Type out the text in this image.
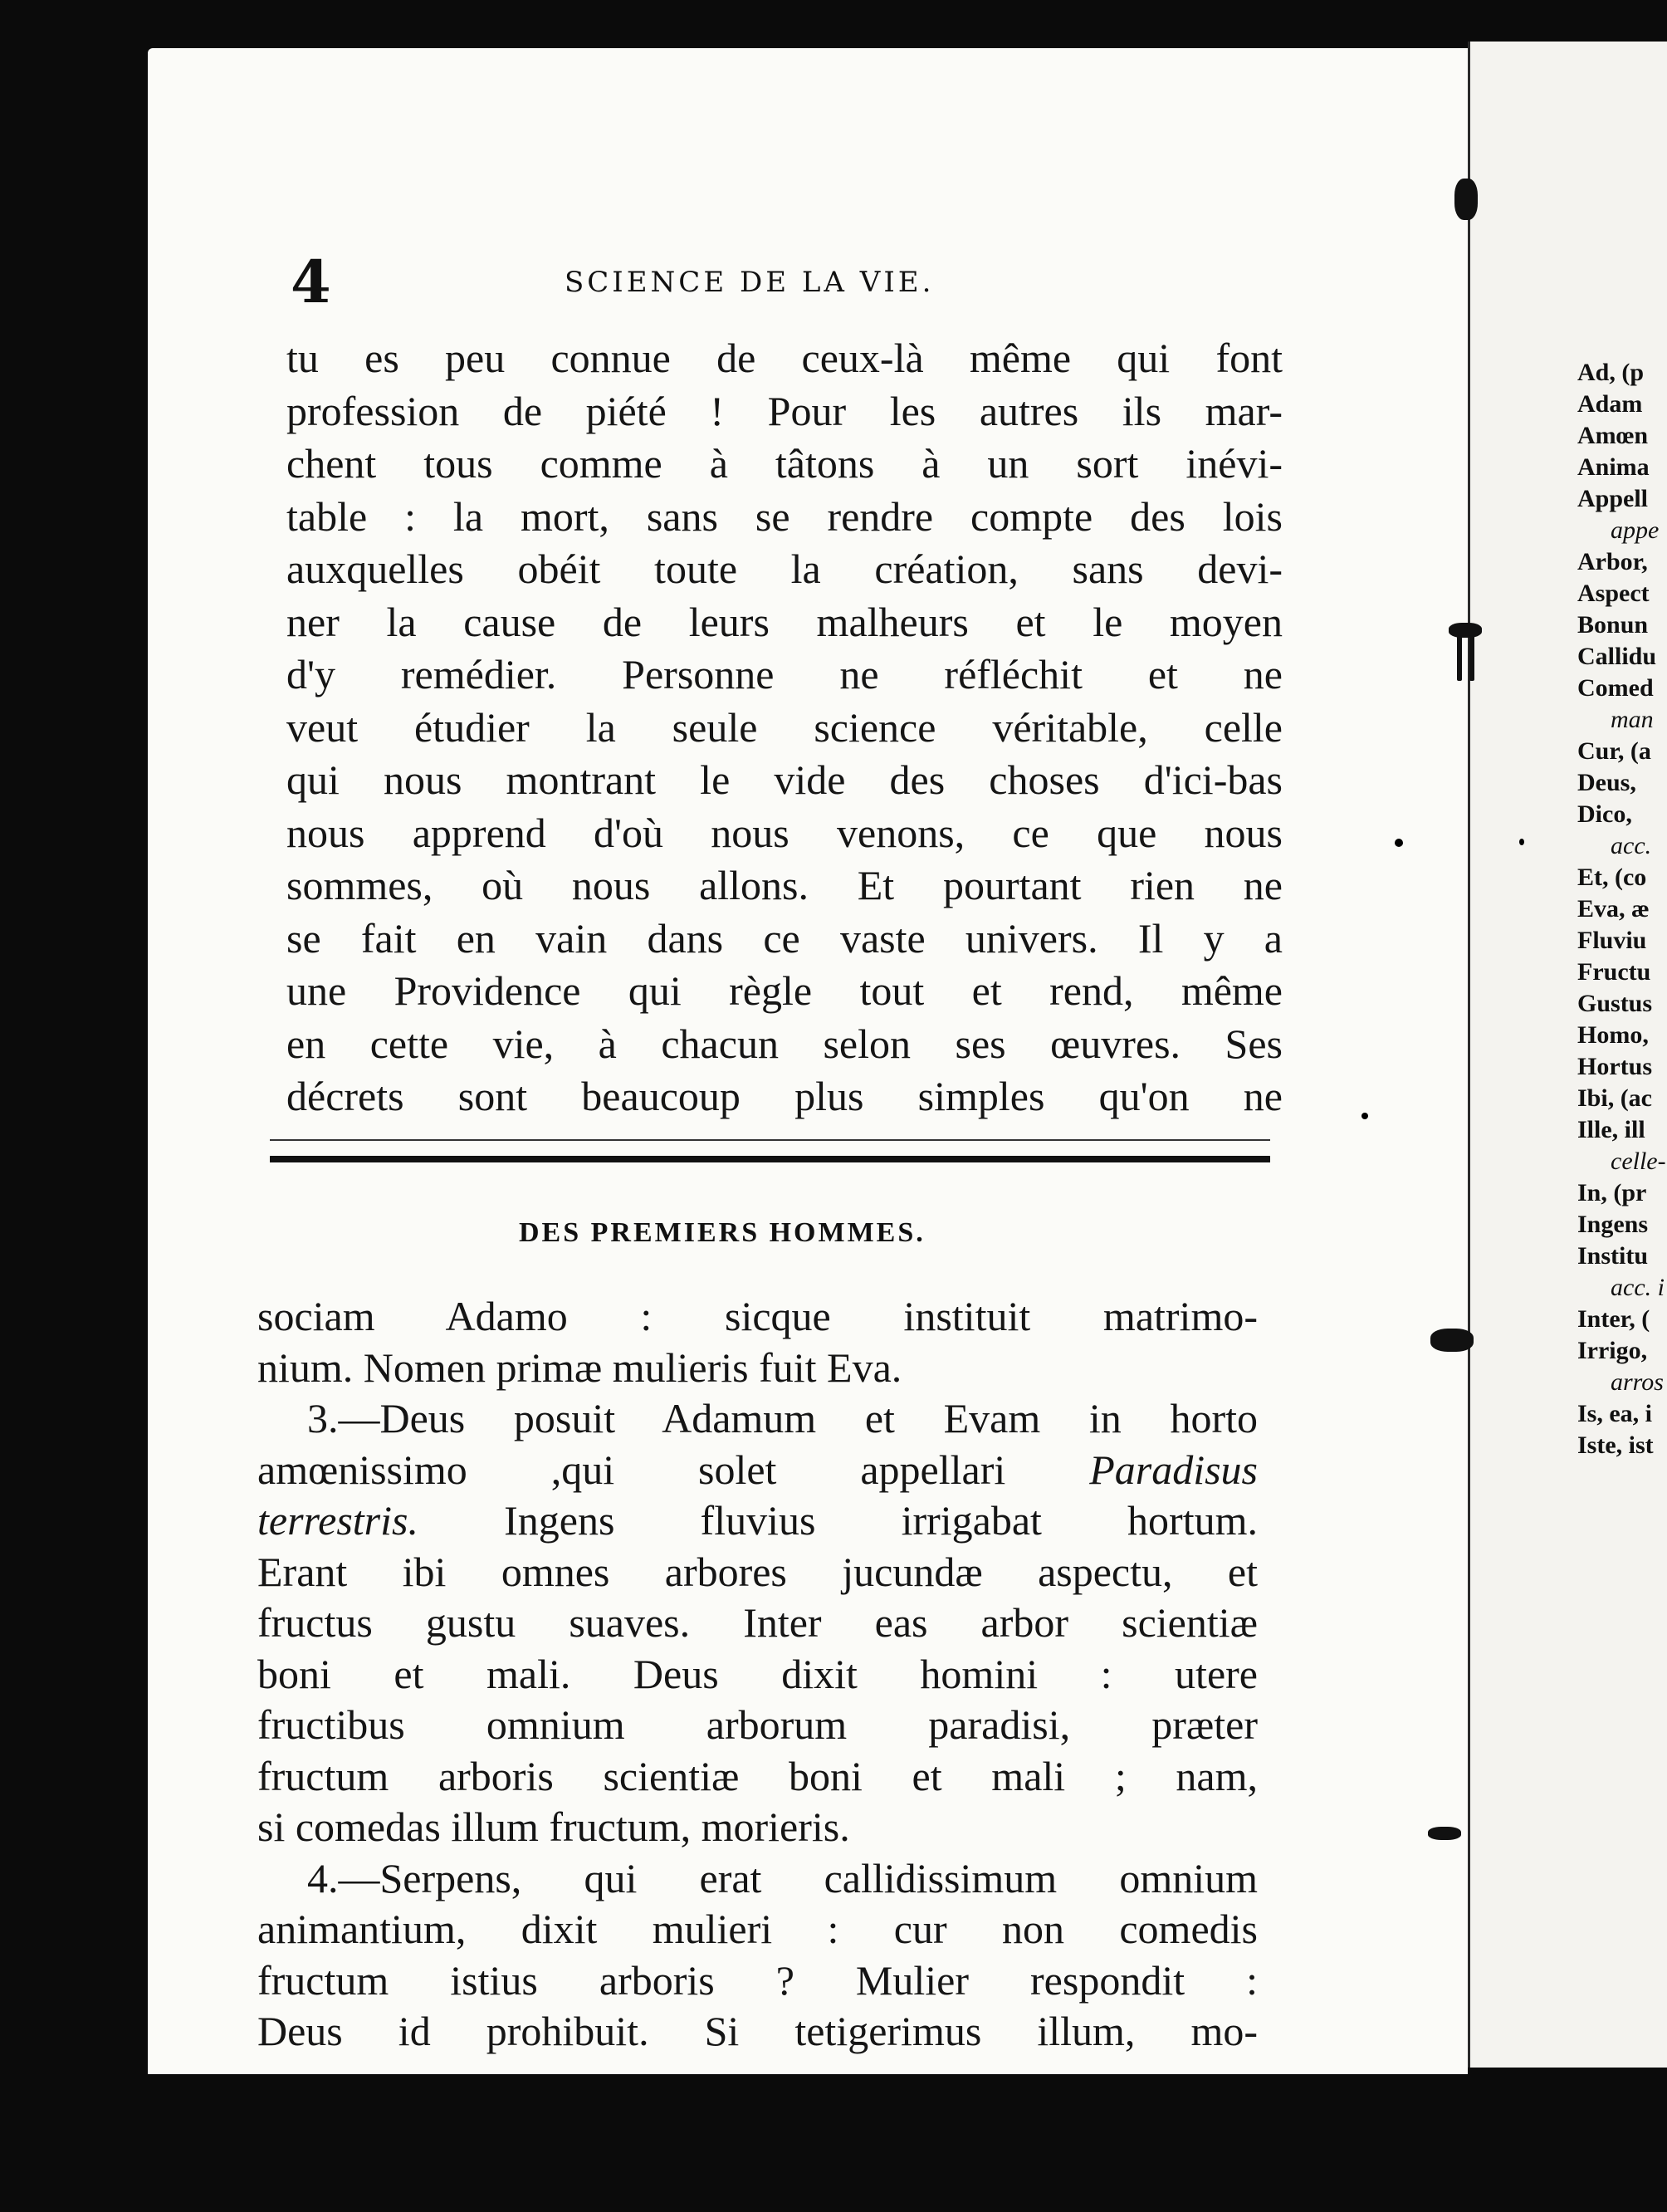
4	SCIENCE DE LA VIE.
tu es peu connue de ceux-là même qui font
profession de piété ! Pour les autres ils mar-
chent tous comme à tâtons à un sort inévi-
table : la mort, sans se rendre compte des lois
auxquelles obéit toute la création, sans devi-
ner la cause de leurs malheurs et le moyen
d'y remédier. Personne ne réfléchit et ne
veut étudier la seule science véritable, celle
qui nous montrant le vide des choses d'ici-bas
nous apprend d'où nous venons, ce que nous
sommes, où nous allons. Et pourtant rien ne
se fait en vain dans ce vaste univers. Il y a
une Providence qui règle tout et rend, même
en cette vie, à chacun selon ses œuvres. Ses
décrets sont beaucoup plus simples qu'on ne
DES PREMIERS HOMMES.
sociam Adamo : sicque instituit matrimo-
nium. Nomen primæ mulieris fuit Eva.
3.—Deus posuit Adamum et Evam in horto
amœnissimo ,qui solet appellari Paradisus
terrestris. Ingens fluvius irrigabat hortum.
Erant ibi omnes arbores jucundæ aspectu, et
fructus gustu suaves. Inter eas arbor scientiæ
boni et mali. Deus dixit homini : utere
fructibus omnium arborum paradisi, præter
fructum arboris scientiæ boni et mali ; nam,
si comedas illum fructum, morieris.
4.—Serpens, qui erat callidissimum omnium
animantium, dixit mulieri : cur non comedis
fructum istius arboris ? Mulier respondit :
Deus id prohibuit. Si tetigerimus illum, mo-
Ad, (p
Adam
Amœn
Anima
Appell
appe
Arbor,
Aspect
Bonun
Callidu
Comed
man
Cur, (a
Deus,
Dico,
acc.
Et, (co
Eva, æ
Fluviu
Fructu
Gustus
Homo,
Hortus
Ibi, (ac
Ille, ill
celle-
In, (pr
Ingens
Institu
acc. i
Inter, (
Irrigo,
arros
Is, ea, i
Iste, ist
